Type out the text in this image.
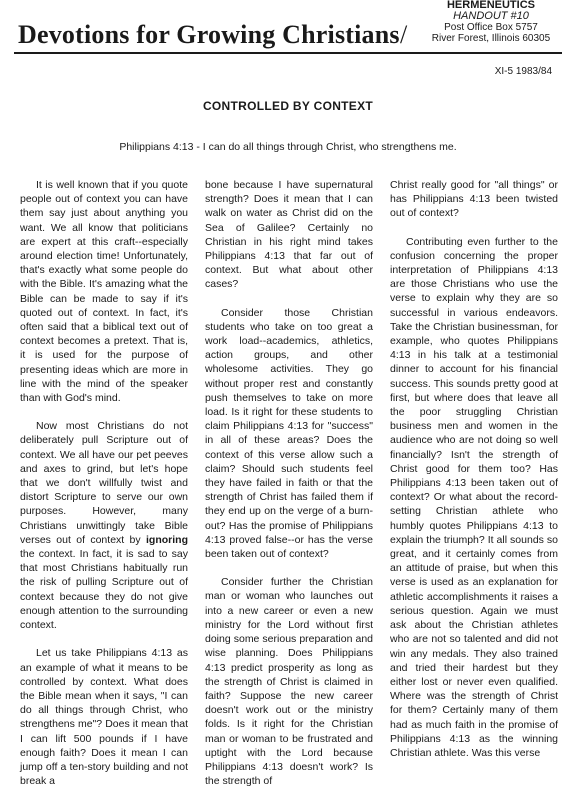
Devotions for Growing Christians /
HERMENEUTICS
HANDOUT #10
Post Office Box 5757
River Forest, Illinois 60305
XI-5 1983/84
CONTROLLED BY CONTEXT
Philippians 4:13 - I can do all things through Christ, who strengthens me.

It is well known that if you quote people out of context you can have them say just about anything you want. We all know that politicians are expert at this craft--especially around election time! Unfortunately, that's exactly what some people do with the Bible. It's amazing what the Bible can be made to say if it's quoted out of context. In fact, it's often said that a biblical text out of context becomes a pretext. That is, it is used for the purpose of presenting ideas which are more in line with the mind of the speaker than with God's mind.

Now most Christians do not deliberately pull Scripture out of context. We all have our pet peeves and axes to grind, but let's hope that we don't willfully twist and distort Scripture to serve our own purposes. However, many Christians unwittingly take Bible verses out of context by ignoring the context. In fact, it is sad to say that most Christians habitually run the risk of pulling Scripture out of context because they do not give enough attention to the surrounding context.

Let us take Philippians 4:13 as an example of what it means to be controlled by context. What does the Bible mean when it says, "I can do all things through Christ, who strengthens me"? Does it mean that I can lift 500 pounds if I have enough faith? Does it mean I can jump off a ten-story building and not break a

bone because I have supernatural strength? Does it mean that I can walk on water as Christ did on the Sea of Galilee? Certainly no Christian in his right mind takes Philippians 4:13 that far out of context. But what about other cases?

Consider those Christian students who take on too great a work load--academics, athletics, action groups, and other wholesome activities. They go without proper rest and constantly push themselves to take on more load. Is it right for these students to claim Philippians 4:13 for "success" in all of these areas? Does the context of this verse allow such a claim? Should such students feel they have failed in faith or that the strength of Christ has failed them if they end up on the verge of a burn-out? Has the promise of Philippians 4:13 proved false--or has the verse been taken out of context?

Consider further the Christian man or woman who launches out into a new career or even a new ministry for the Lord without first doing some serious preparation and wise planning. Does Philippians 4:13 predict prosperity as long as the strength of Christ is claimed in faith? Suppose the new career doesn't work out or the ministry folds. Is it right for the Christian man or woman to be frustrated and uptight with the Lord because Philippians 4:13 doesn't work? Is the strength of

Christ really good for "all things" or has Philippians 4:13 been twisted out of context?

Contributing even further to the confusion concerning the proper interpretation of Philippians 4:13 are those Christians who use the verse to explain why they are so successful in various endeavors. Take the Christian businessman, for example, who quotes Philippians 4:13 in his talk at a testimonial dinner to account for his financial success. This sounds pretty good at first, but where does that leave all the poor struggling Christian business men and women in the audience who are not doing so well financially? Isn't the strength of Christ good for them too? Has Philippians 4:13 been taken out of context? Or what about the record-setting Christian athlete who humbly quotes Philippians 4:13 to explain the triumph? It all sounds so great, and it certainly comes from an attitude of praise, but when this verse is used as an explanation for athletic accomplishments it raises a serious question. Again we must ask about the Christian athletes who are not so talented and did not win any medals. They also trained and tried their hardest but they either lost or never even qualified. Where was the strength of Christ for them? Certainly many of them had as much faith in the promise of Philippians 4:13 as the winning Christian athlete. Was this verse
